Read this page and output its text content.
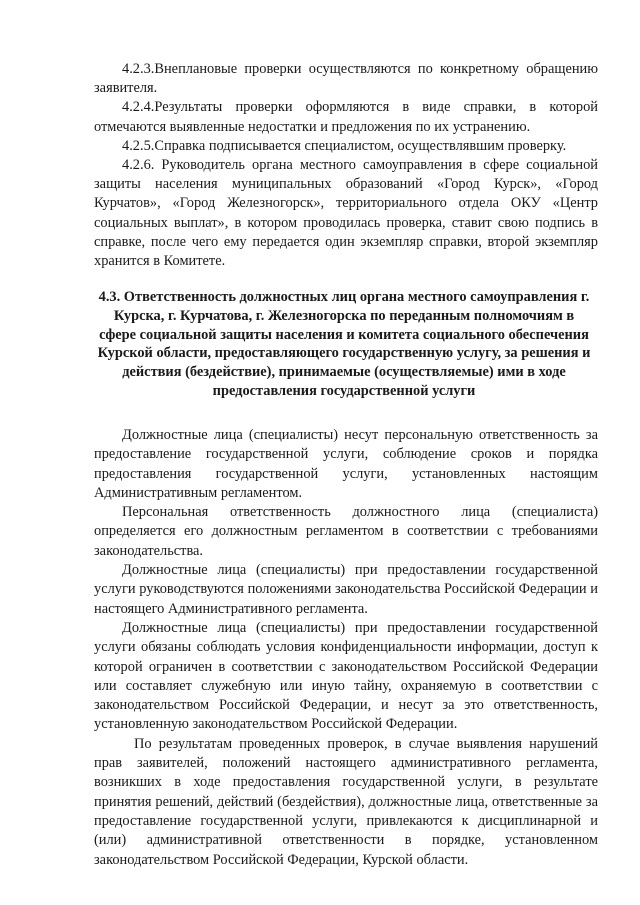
4.2.3.Внеплановые проверки осуществляются по конкретному обращению заявителя.

4.2.4.Результаты проверки оформляются в виде справки, в которой отмечаются выявленные недостатки и предложения по их устранению.

4.2.5.Справка подписывается специалистом, осуществлявшим проверку.

4.2.6. Руководитель органа местного самоуправления в сфере социальной защиты населения муниципальных образований «Город Курск», «Город Курчатов», «Город Железногорск», территориального отдела ОКУ «Центр социальных выплат», в котором проводилась проверка, ставит свою подпись в справке, после чего ему передается один экземпляр справки, второй экземпляр хранится в Комитете.

4.3. Ответственность должностных лиц органа местного самоуправления г. Курска, г. Курчатова, г. Железногорска по переданным полномочиям в сфере социальной защиты населения и комитета социального обеспечения Курской области, предоставляющего государственную услугу, за решения и действия (бездействие), принимаемые (осуществляемые) ими в ходе предоставления государственной услуги

Должностные лица (специалисты) несут персональную ответственность за предоставление государственной услуги, соблюдение сроков и порядка предоставления государственной услуги, установленных настоящим Административным регламентом.

Персональная ответственность должностного лица (специалиста) определяется его должностным регламентом в соответствии с требованиями законодательства.

Должностные лица (специалисты) при предоставлении государственной услуги руководствуются положениями законодательства Российской Федерации и настоящего Административного регламента.

Должностные лица (специалисты) при предоставлении государственной услуги обязаны соблюдать условия конфиденциальности информации, доступ к которой ограничен в соответствии с законодательством Российской Федерации или составляет служебную или иную тайну, охраняемую в соответствии с законодательством Российской Федерации, и несут за это ответственность, установленную законодательством Российской Федерации.

По результатам проведенных проверок, в случае выявления нарушений прав заявителей, положений настоящего административного регламента, возникших в ходе предоставления государственной услуги, в результате принятия решений, действий (бездействия), должностные лица, ответственные за предоставление государственной услуги, привлекаются к дисциплинарной и (или) административной ответственности в порядке, установленном законодательством Российской Федерации, Курской области.
